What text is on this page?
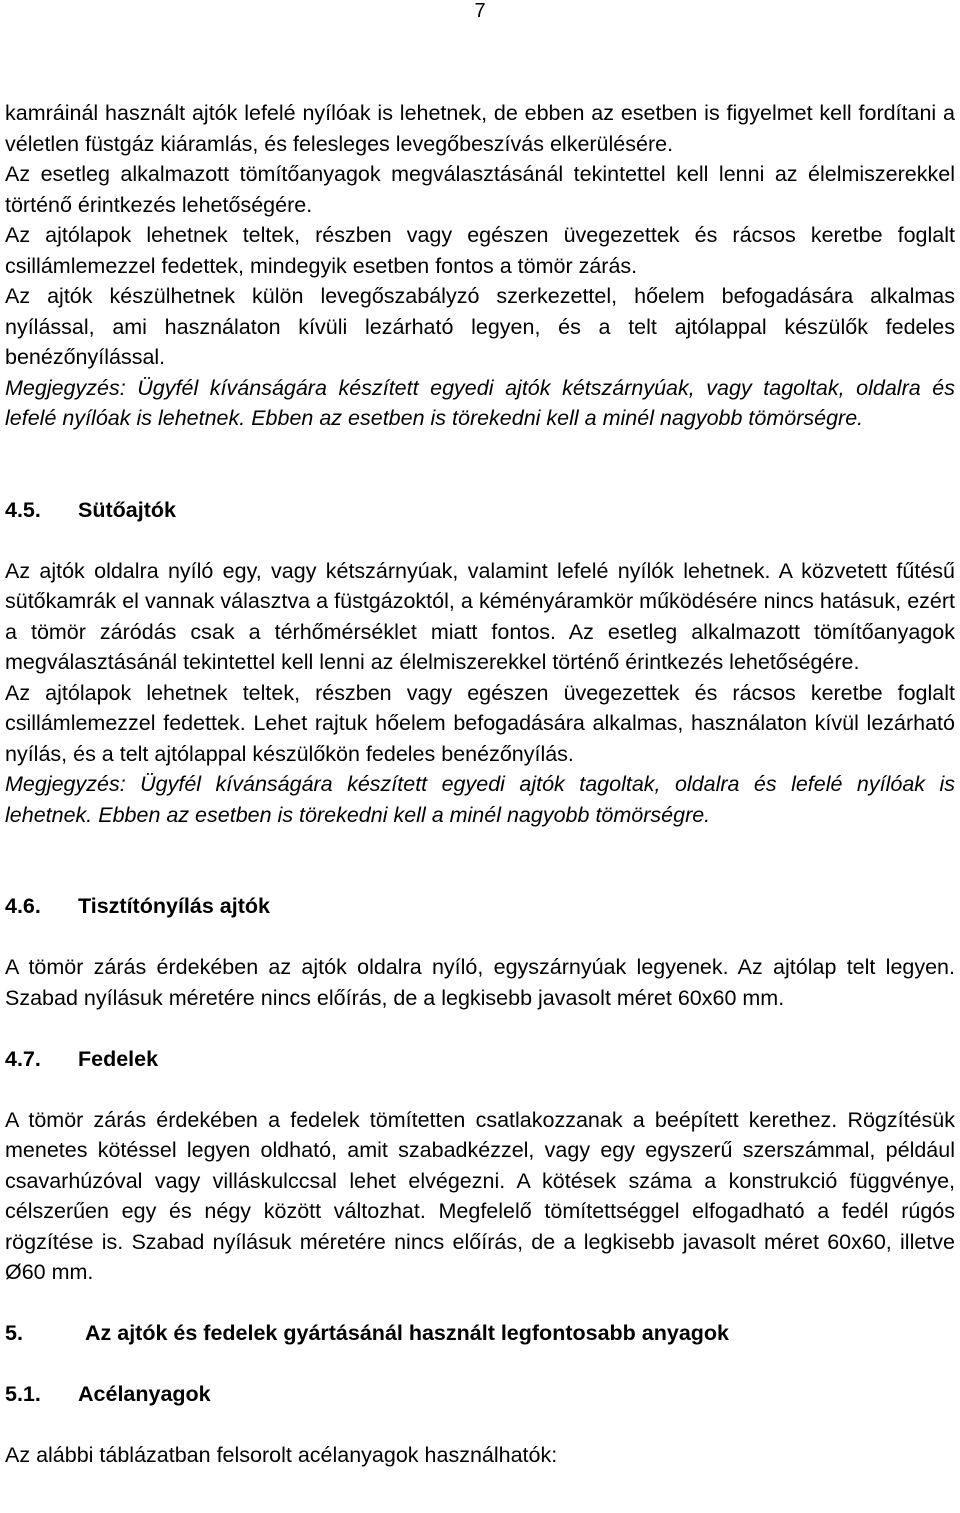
7

kamráinál használt ajtók lefelé nyílóak is lehetnek, de ebben az esetben is figyelmet kell fordítani a véletlen füstgáz kiáramlás, és felesleges levegőbeszívás elkerülésére.

Az esetleg alkalmazott tömítőanyagok megválasztásánál tekintettel kell lenni az élelmiszerekkel történő érintkezés lehetőségére.

Az ajtólapok lehetnek teltek, részben vagy egészen üvegezettek és rácsos keretbe foglalt csillámlemezzel fedettek, mindegyik esetben fontos a tömör zárás.

Az ajtók készülhetnek külön levegőszabályzó szerkezettel, hőelem befogadására alkalmas nyílással, ami használaton kívüli lezárható legyen, és a telt ajtólappal készülők fedeles benézőnyílással.

Megjegyzés: Ügyfél kívánságára készített egyedi ajtók kétszárnyúak, vagy tagoltak, oldalra és lefelé nyílóak is lehetnek. Ebben az esetben is törekedni kell a minél nagyobb tömörségre.

4.5. Sütőajtók

Az ajtók oldalra nyíló egy, vagy kétszárnyúak, valamint lefelé nyílók lehetnek. A közvetett fűtésű sütőkamrák el vannak választva a füstgázoktól, a kéményáramkör működésére nincs hatásuk, ezért a tömör záródás csak a térhőmérséklet miatt fontos. Az esetleg alkalmazott tömítőanyagok megválasztásánál tekintettel kell lenni az élelmiszerekkel történő érintkezés lehetőségére.

Az ajtólapok lehetnek teltek, részben vagy egészen üvegezettek és rácsos keretbe foglalt csillámlemezzel fedettek. Lehet rajtuk hőelem befogadására alkalmas, használaton kívül lezárható nyílás, és a telt ajtólappal készülőkön fedeles benézőnyílás.

Megjegyzés: Ügyfél kívánságára készített egyedi ajtók tagoltak, oldalra és lefelé nyílóak is lehetnek. Ebben az esetben is törekedni kell a minél nagyobb tömörségre.

4.6. Tisztítónyílás ajtók

A tömör zárás érdekében az ajtók oldalra nyíló, egyszárnyúak legyenek. Az ajtólap telt legyen. Szabad nyílásuk méretére nincs előírás, de a legkisebb javasolt méret 60x60 mm.

4.7. Fedelek

A tömör zárás érdekében a fedelek tömítetten csatlakozzanak a beépített kerethez. Rögzítésük menetes kötéssel legyen oldható, amit szabadkézzel, vagy egy egyszerű szerszámmal, például csavarhúzóval vagy villáskulccsal lehet elvégezni. A kötések száma a konstrukció függvénye, célszerűen egy és négy között változhat. Megfelelő tömítettséggel elfogadható a fedél rúgós rögzítése is. Szabad nyílásuk méretére nincs előírás, de a legkisebb javasolt méret 60x60, illetve Ø60 mm.

5.	Az ajtók és fedelek gyártásánál használt legfontosabb anyagok
5.1. Acélanyagok

Az alábbi táblázatban felsorolt acélanyagok használhatók:
